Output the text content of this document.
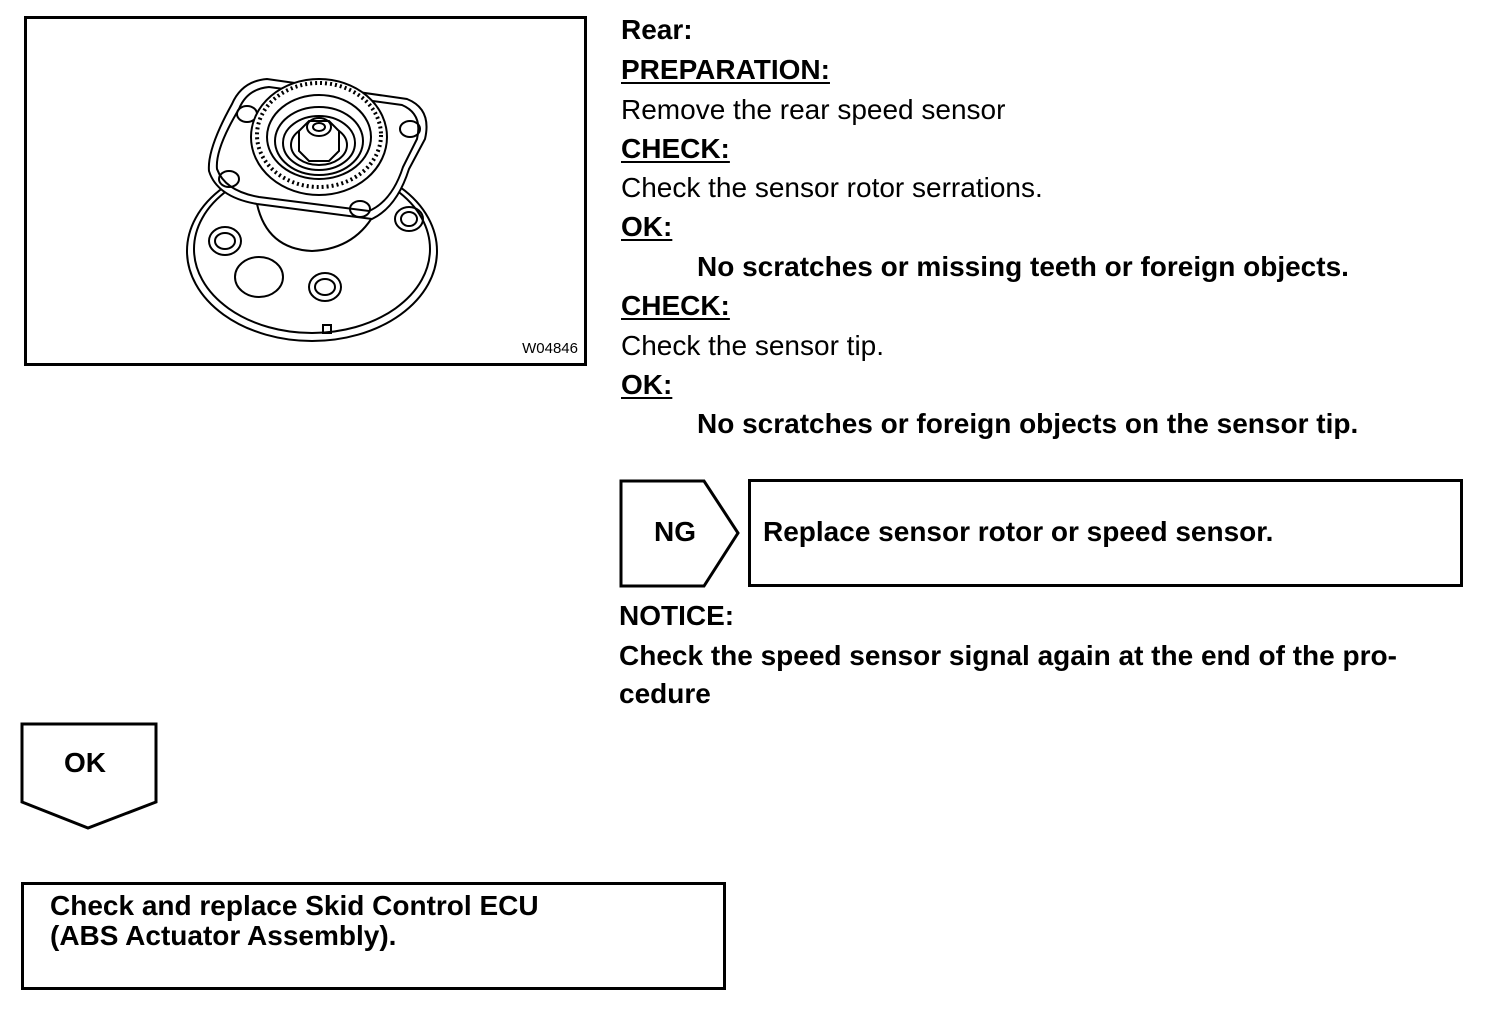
W04846
Rear:
PREPARATION:
Remove the rear speed sensor
CHECK:
Check the sensor rotor serrations.
OK:
No scratches or missing teeth or foreign objects.
CHECK:
Check the sensor tip.
OK:
No scratches or foreign objects on the sensor tip.
NG Replace sensor rotor or speed sensor.
NOTICE:
Check the speed sensor signal again at the end of the pro-
cedure
OK
Check and replace Skid Control ECU
(ABS Actuator Assembly).
